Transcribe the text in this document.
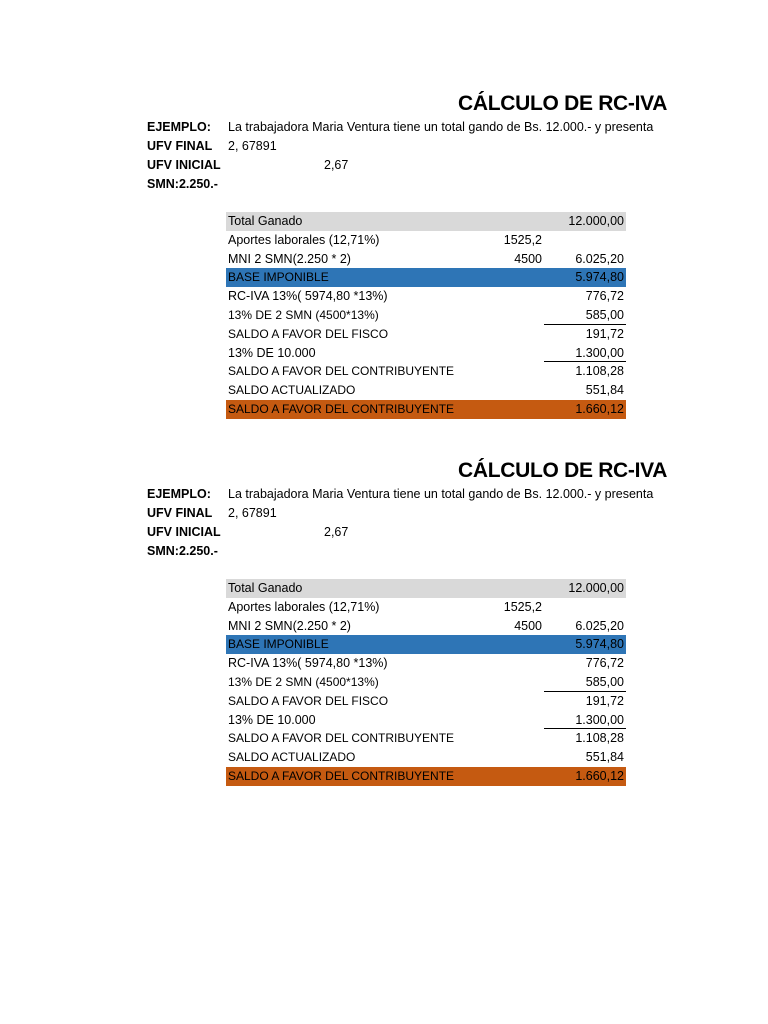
CÁLCULO DE RC-IVA
EJEMPLO: La trabajadora Maria Ventura tiene un total gando de Bs. 12.000.- y presenta
UFV FINAL 2, 67891
UFV INICIAL	2,67
SMN:2.250.-
Total Ganado	12.000,00
Aportes laborales (12,71%)	1525,2
MNI 2 SMN(2.250 * 2)	4500	6.025,20
BASE IMPONIBLE	5.974,80
RC-IVA 13%( 5974,80 *13%)	776,72
13% DE 2 SMN (4500*13%)	585,00
SALDO A FAVOR DEL FISCO	191,72
13% DE 10.000	1.300,00
SALDO A FAVOR DEL CONTRIBUYENTE	1.108,28
SALDO ACTUALIZADO	551,84
SALDO A FAVOR DEL CONTRIBUYENTE	1.660,12
CÁLCULO DE RC-IVA
EJEMPLO: La trabajadora Maria Ventura tiene un total gando de Bs. 12.000.- y presenta
UFV FINAL 2, 67891
UFV INICIAL	2,67
SMN:2.250.-
Total Ganado	12.000,00
Aportes laborales (12,71%)	1525,2
MNI 2 SMN(2.250 * 2)	4500	6.025,20
BASE IMPONIBLE	5.974,80
RC-IVA 13%( 5974,80 *13%)	776,72
13% DE 2 SMN (4500*13%)	585,00
SALDO A FAVOR DEL FISCO	191,72
13% DE 10.000	1.300,00
SALDO A FAVOR DEL CONTRIBUYENTE	1.108,28
SALDO ACTUALIZADO	551,84
SALDO A FAVOR DEL CONTRIBUYENTE	1.660,12
